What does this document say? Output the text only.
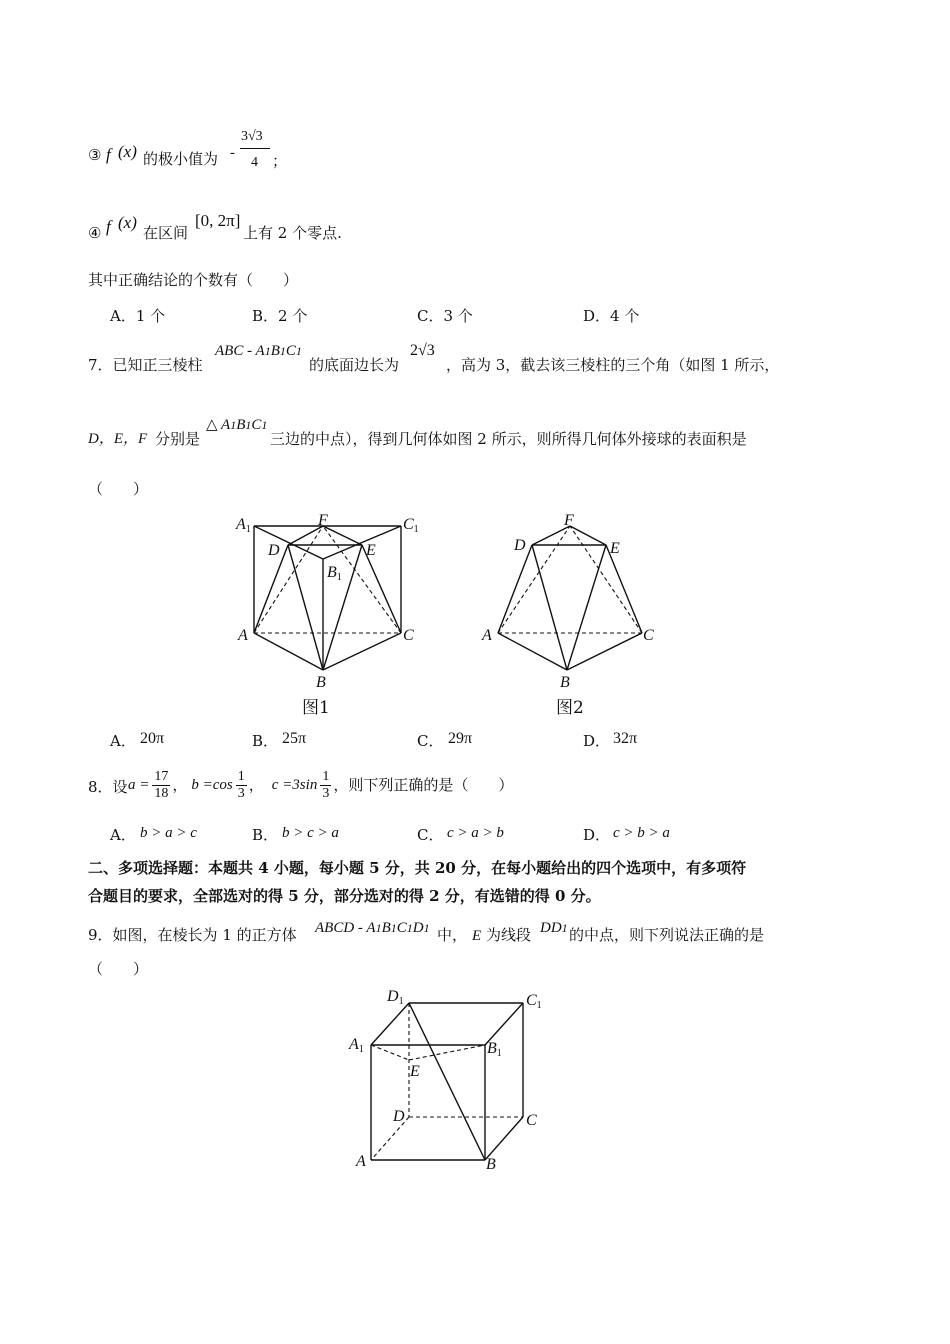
③ f (x) 的极小值为 -
3√3
4 ；
④ f (x)
在区间
[0, 2π]
上有 2 个零点.
其中正确结论的个数有（　　）
A．1 个	B．2 个	C．3 个	D．4 个
7．已知正三棱柱
ABC - A1B1C1
的底面边长为
2√3
，高为 3，截去该三棱柱的三个角（如图 1 所示，
D，E，F 分别是
△ A1B1C1
三边的中点），得到几何体如图 2 所示，则所得几何体外接球的表面积是
（　　）
A1
F	C1
D	E
B1
A	C
B
图1
F
D	E
A	C
B
图2
A． 20π	B． 25π	C． 29π	D． 32π
8．设 $a = \frac{17}{18}$ ， $b =\cos \frac{1}{3}$ ， $c =3\sin \frac{1}{3}$ ，则下列正确的是（　　）
A． b > a > c	B． b > c > a	C． c > a > b	D． c > b > a
二、多项选择题：本题共 4 小题，每小题 5 分，共 20 分，在每小题给出的四个选项中，有多项符
合题目的要求，全部选对的得 5 分，部分选对的得 2 分，有选错的得 0 分。
9．如图，在棱长为 1 的正方体 ABCD - A1B1C1D1 中， E 为线段 DD1 的中点，则下列说法正确的是
（　　）
D1	C1
A1	B1
E
D	C
A	B
